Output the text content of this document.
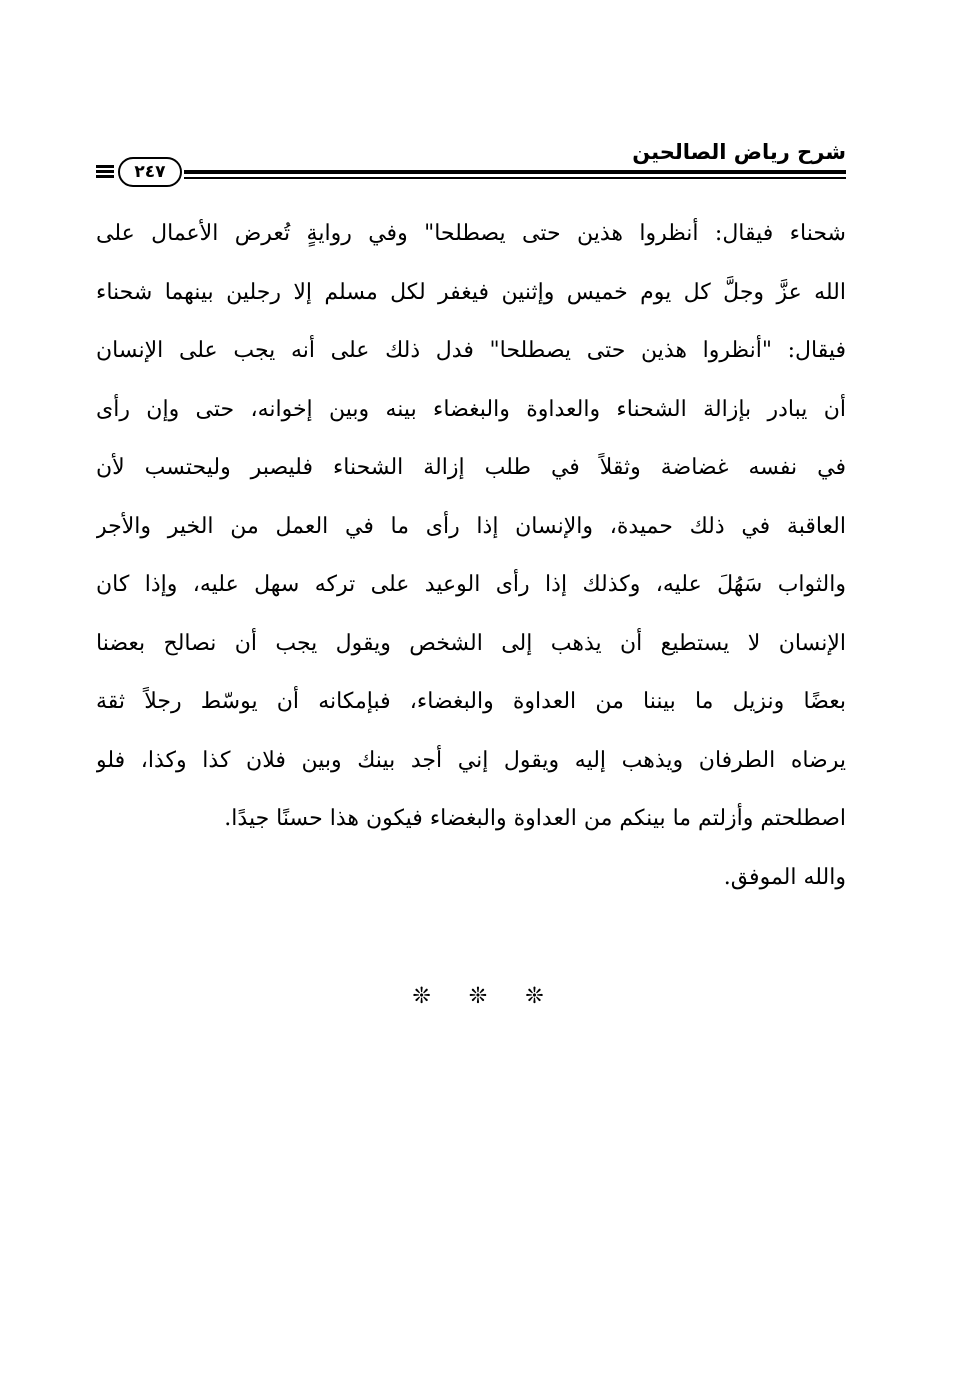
شرح رياض الصالحين
٢٤٧
شحناء فيقال: أنظروا هذين حتى يصطلحا" وفي روايةٍ تُعرض الأعمال على
الله عزَّ وجلَّ كل يوم خميس وإثنين فيغفر لكل مسلم إلا رجلين بينهما شحناء
فيقال: "أنظروا هذين حتى يصطلحا" فدل ذلك على أنه يجب على الإنسان
أن يبادر بإزالة الشحناء والعداوة والبغضاء بينه وبين إخوانه، حتى وإن رأى
في نفسه غضاضة وثقلاً في طلب إزالة الشحناء فليصبر وليحتسب لأن
العاقبة في ذلك حميدة، والإنسان إذا رأى ما في العمل من الخير والأجر
والثواب سَهُلَ عليه، وكذلك إذا رأى الوعيد على تركه سهل عليه، وإذا كان
الإنسان لا يستطيع أن يذهب إلى الشخص ويقول يجب أن نصالح بعضنا
بعضًا ونزيل ما بيننا من العداوة والبغضاء، فبإمكانه أن يوسّط رجلاً ثقة
يرضاه الطرفان ويذهب إليه ويقول إني أجد بينك وبين فلان كذا وكذا، فلو
اصطلحتم وأزلتم ما بينكم من العداوة والبغضاء فيكون هذا حسنًا جيدًا.
والله الموفق.
❊ ❊ ❊
